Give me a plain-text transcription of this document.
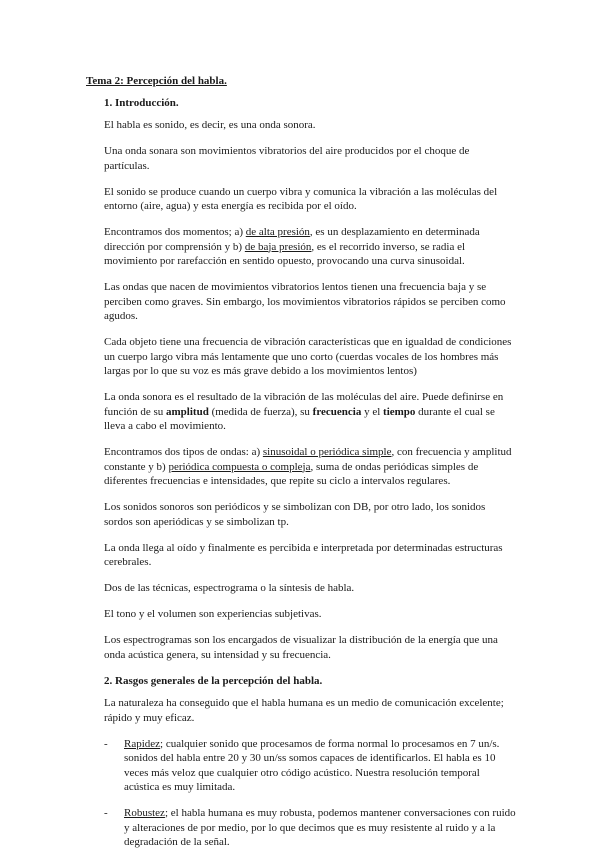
Tema 2: Percepción del habla.
1. Introducción.

El habla es sonido, es decir, es una onda sonora.

Una onda sonara son movimientos vibratorios del aire producidos por el choque de partículas.

El sonido se produce cuando un cuerpo vibra y comunica la vibración a las moléculas del entorno (aire, agua) y esta energía es recibida por el oído.

Encontramos dos momentos; a) de alta presión, es un desplazamiento en determinada dirección por comprensión y b) de baja presión, es el recorrido inverso, se radia el movimiento por rarefacción en sentido opuesto, provocando una curva sinusoidal.

Las ondas que nacen de movimientos vibratorios lentos tienen una frecuencia baja y se perciben como graves. Sin embargo, los movimientos vibratorios rápidos se perciben como agudos.

Cada objeto tiene una frecuencia de vibración características que en igualdad de condiciones un cuerpo largo vibra más lentamente que uno corto (cuerdas vocales de los hombres más largas por lo que su voz es más grave debido a los movimientos lentos)

La onda sonora es el resultado de la vibración de las moléculas del aire. Puede definirse en función de su amplitud (medida de fuerza), su frecuencia y el tiempo durante el cual se lleva a cabo el movimiento.

Encontramos dos tipos de ondas: a) sinusoidal o periódica simple, con frecuencia y amplitud constante y b) periódica compuesta o compleja, suma de ondas periódicas simples de diferentes frecuencias e intensidades, que repite su ciclo a intervalos regulares.

Los sonidos sonoros son periódicos y se simbolizan con DB, por otro lado, los sonidos sordos son aperiódicas y se simbolizan tp.

La onda llega al oído y finalmente es percibida e interpretada por determinadas estructuras cerebrales.

Dos de las técnicas, espectrograma o la síntesis de habla.

El tono y el volumen son experiencias subjetivas.

Los espectrogramas son los encargados de visualizar la distribución de la energía que una onda acústica genera, su intensidad y su frecuencia.

2. Rasgos generales de la percepción del habla.

La naturaleza ha conseguido que el habla humana es un medio de comunicación excelente; rápido y muy eficaz.

- Rapidez; cualquier sonido que procesamos de forma normal lo procesamos en 7 un/s. sonidos del habla entre 20 y 30 un/ss somos capaces de identificarlos. El habla es 10 veces más veloz que cualquier otro código acústico. Nuestra resolución temporal acústica es muy limitada.
- Robustez; el habla humana es muy robusta, podemos mantener conversaciones con ruido y alteraciones de por medio, por lo que decimos que es muy resistente al ruido y a la degradación de la señal.
